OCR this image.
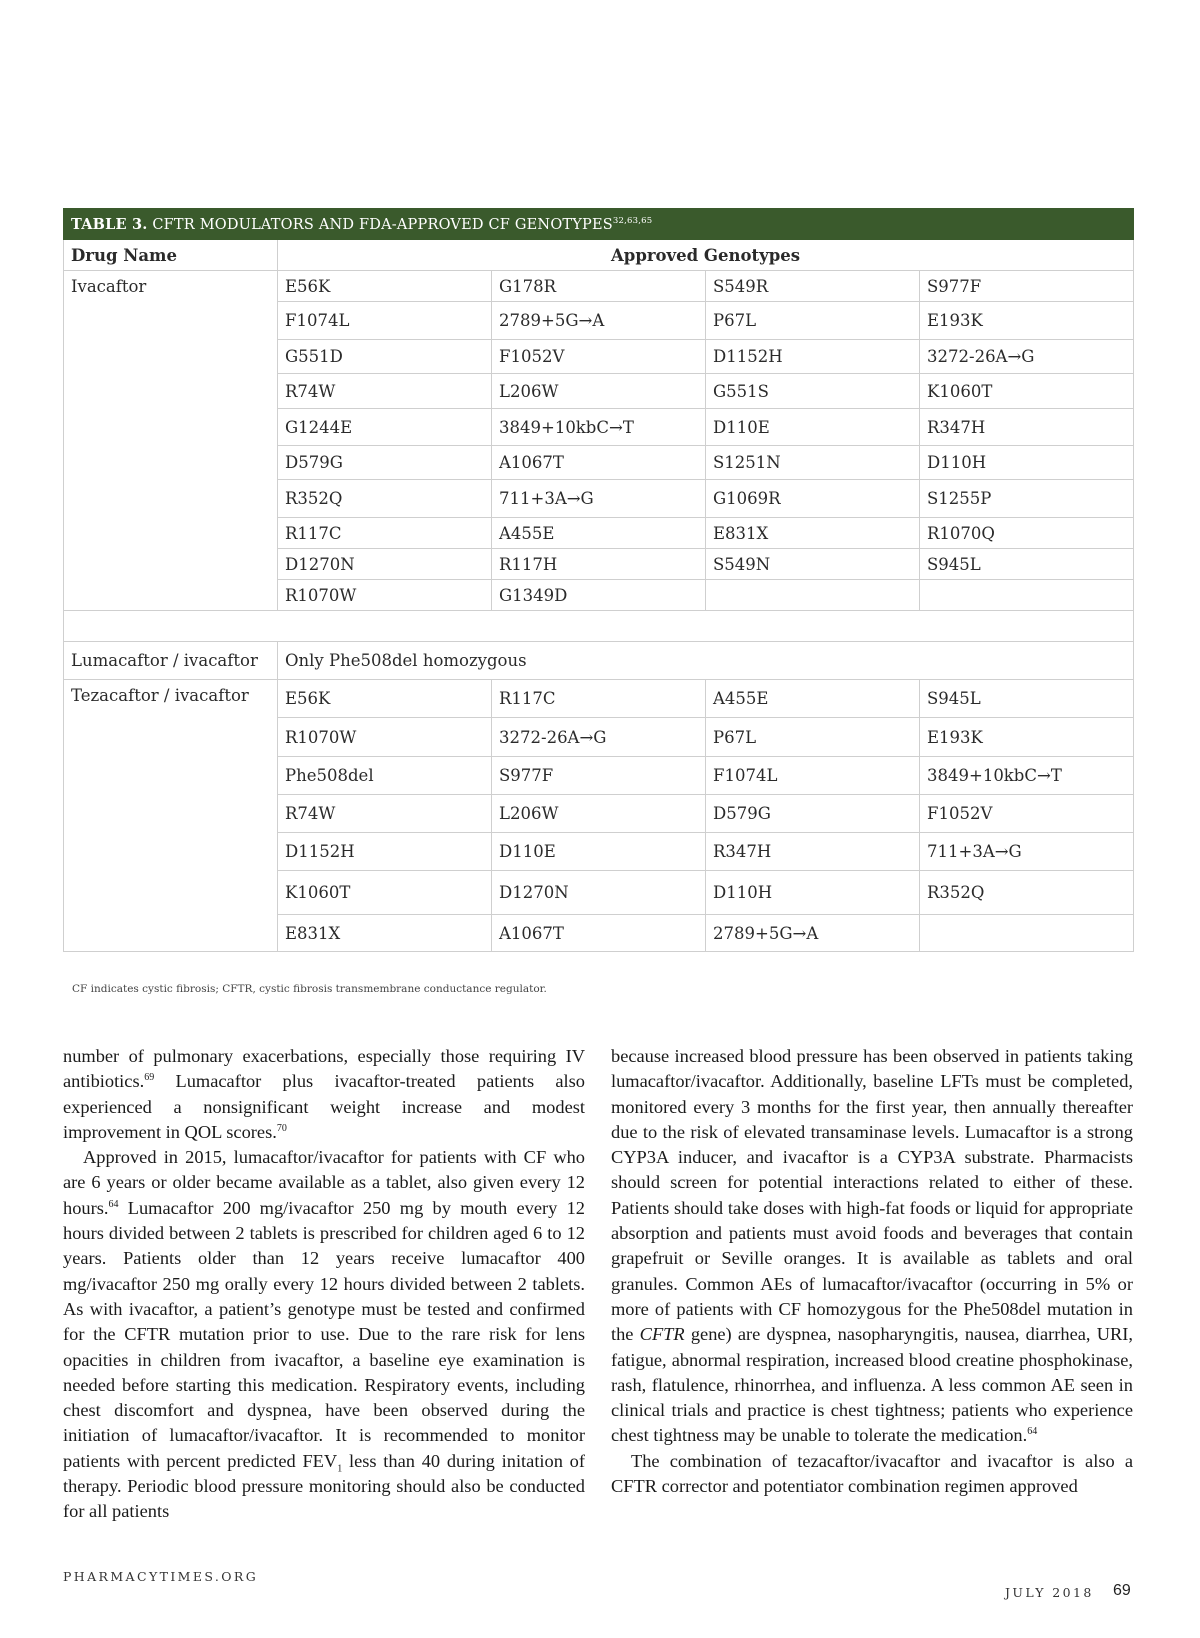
TABLE 3. CFTR MODULATORS AND FDA-APPROVED CF GENOTYPES$^{32,63,65}$
Drug Name	Approved Genotypes			
Ivacaftor	E56K	G178R	S549R	S977F
	F1074L	2789+5G→A	P67L	E193K
	G551D	F1052V	D1152H	3272-26A→G
	R74W	L206W	G551S	K1060T
	G1244E	3849+10kbC→T	D110E	R347H
	D579G	A1067T	S1251N	D110H
	R352Q	711+3A→G	G1069R	S1255P
	R117C	A455E	E831X	R1070Q
	D1270N	R117H	S549N	S945L
	R1070W	G1349D		

Lumacaftor / ivacaftor	Only Phe508del homozygous			
Tezacaftor / ivacaftor	E56K	R117C	A455E	S945L
	R1070W	3272-26A→G	P67L	E193K
	Phe508del	S977F	F1074L	3849+10kbC→T
	R74W	L206W	D579G	F1052V
	D1152H	D110E	R347H	711+3A→G
	K1060T	D1270N	D110H	R352Q
	E831X	A1067T	2789+5G→A	
CF indicates cystic fibrosis; CFTR, cystic fibrosis transmembrane conductance regulator.

number of pulmonary exacerbations, especially those requiring IV antibiotics.$^{69}$ Lumacaftor plus ivacaftor-treated patients also experienced a nonsignificant weight increase and modest improvement in QOL scores.$^{70}$

Approved in 2015, lumacaftor/ivacaftor for patients with CF who are 6 years or older became available as a tablet, also given every 12 hours.$^{64}$ Lumacaftor 200 mg/ivacaftor 250 mg by mouth every 12 hours divided between 2 tablets is prescribed for children aged 6 to 12 years. Patients older than 12 years receive lumacaftor 400 mg/ivacaftor 250 mg orally every 12 hours divided between 2 tablets. As with ivacaftor, a patient’s genotype must be tested and confirmed for the CFTR mutation prior to use. Due to the rare risk for lens opacities in children from ivacaftor, a baseline eye examination is needed before starting this medication. Respiratory events, including chest discomfort and dyspnea, have been observed during the initiation of lumacaftor/ivacaftor. It is recommended to monitor patients with percent predicted $FEV_1$ less than 40 during initation of therapy. Periodic blood pressure monitoring should also be conducted for all patients

because increased blood pressure has been observed in patients taking lumacaftor/ivacaftor. Additionally, baseline LFTs must be completed, monitored every 3 months for the first year, then annually thereafter due to the risk of elevated transaminase levels. Lumacaftor is a strong CYP3A inducer, and ivacaftor is a CYP3A substrate. Pharmacists should screen for potential interactions related to either of these. Patients should take doses with high-fat foods or liquid for appropriate absorption and patients must avoid foods and beverages that contain grapefruit or Seville oranges. It is available as tablets and oral granules. Common AEs of lumacaftor/ivacaftor (occurring in 5% or more of patients with CF homozygous for the Phe508del mutation in the CFTR gene) are dyspnea, nasopharyngitis, nausea, diarrhea, URI, fatigue, abnormal respiration, increased blood creatine phosphokinase, rash, flatulence, rhinorrhea, and influenza. A less common AE seen in clinical trials and practice is chest tightness; patients who experience chest tightness may be unable to tolerate the medication.$^{64}$

The combination of tezacaftor/ivacaftor and ivacaftor is also a CFTR corrector and potentiator combination regimen approved

PHARMACYTIMES.ORG
JULY 2018 69
